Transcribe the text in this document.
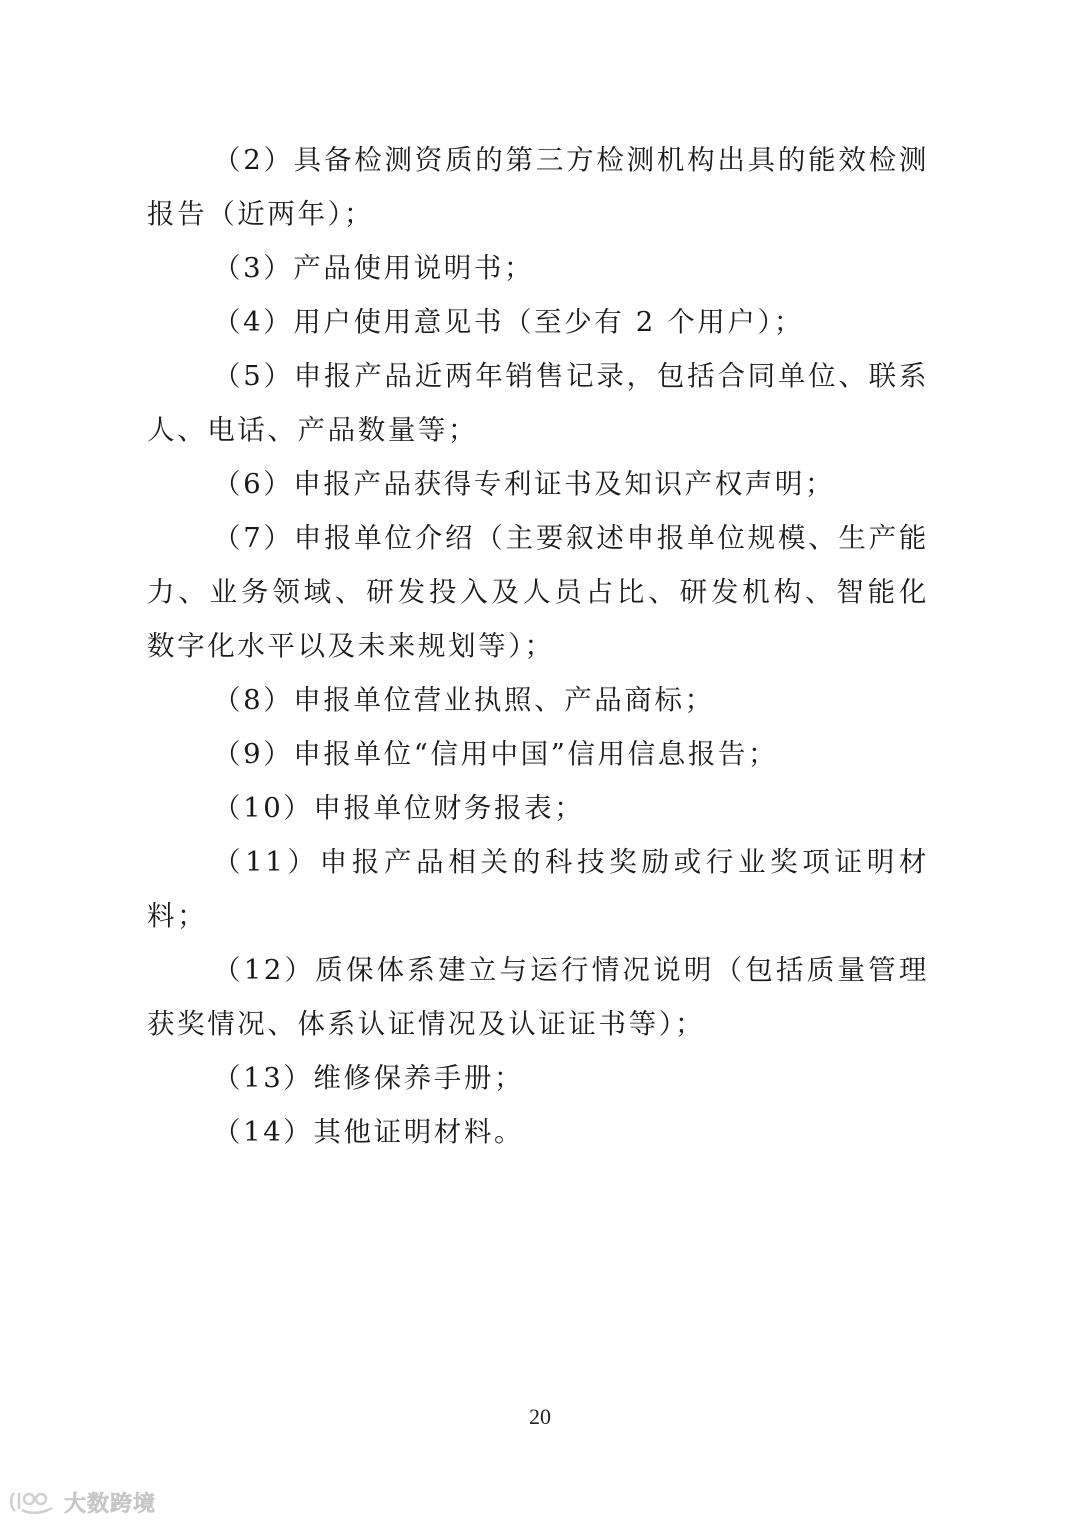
（2）具备检测资质的第三方检测机构出具的能效检测报告（近两年）；

（3）产品使用说明书；

（4）用户使用意见书（至少有 2 个用户）；

（5）申报产品近两年销售记录，包括合同单位、联系人、电话、产品数量等；

（6）申报产品获得专利证书及知识产权声明；

（7）申报单位介绍（主要叙述申报单位规模、生产能力、业务领域、研发投入及人员占比、研发机构、智能化数字化水平以及未来规划等）；

（8）申报单位营业执照、产品商标；

（9）申报单位“信用中国”信用信息报告；

（10）申报单位财务报表；

（11）申报产品相关的科技奖励或行业奖项证明材料；

（12）质保体系建立与运行情况说明（包括质量管理获奖情况、体系认证情况及认证证书等）；

（13）维修保养手册；

（14）其他证明材料。

20
大数跨境
